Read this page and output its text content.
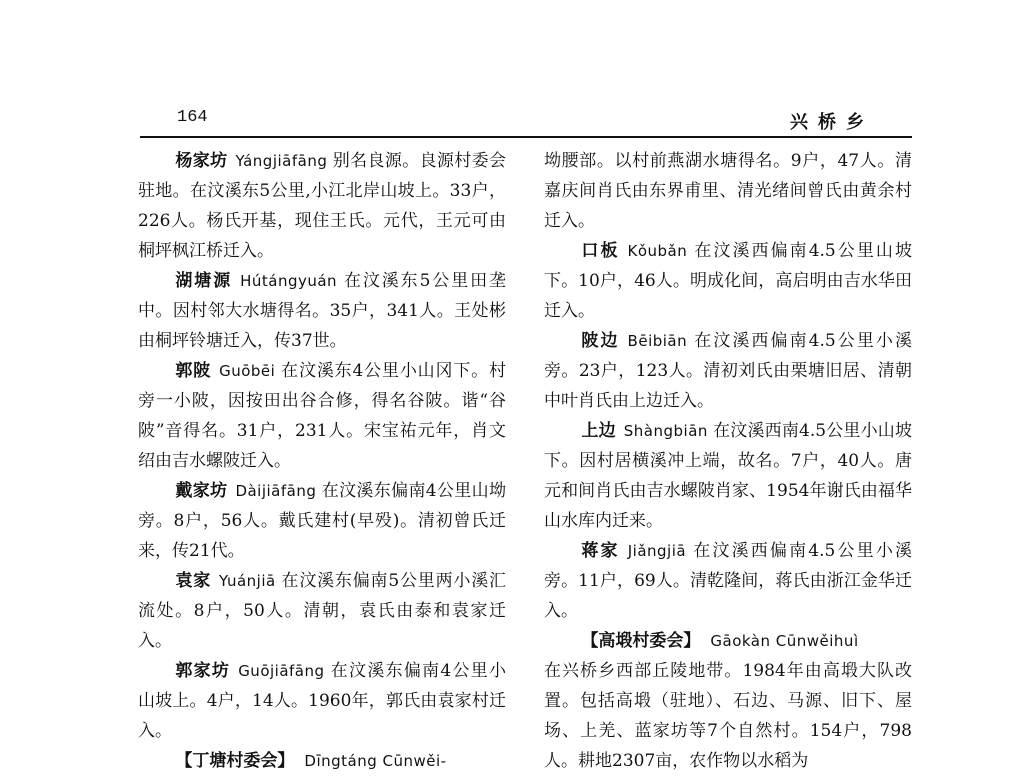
164	兴桥乡

杨家坊 Yángjiāfāng 别名良源。良源村委会驻地。在汶溪东5公里,小江北岸山坡上。33户，226人。杨氏开基，现住王氏。元代，王元可由桐坪枫江桥迁入。

湖塘源 Hútángyuán 在汶溪东5公里田垄中。因村邻大水塘得名。35户，341人。王处彬由桐坪铃塘迁入，传37世。

郭陂 Guōbēi 在汶溪东4公里小山冈下。村旁一小陂，因按田出谷合修，得名谷陂。谐“谷陂”音得名。31户，231人。宋宝祐元年，肖文绍由吉水螺陂迁入。

戴家坊 Dàijiāfāng 在汶溪东偏南4公里山坳旁。8户，56人。戴氏建村(早殁)。清初曾氏迁来，传21代。

袁家 Yuánjiā 在汶溪东偏南5公里两小溪汇流处。8户，50人。清朝，袁氏由泰和袁家迁入。

郭家坊 Guōjiāfāng 在汶溪东偏南4公里小山坡上。4户，14人。1960年，郭氏由袁家村迁入。

【丁塘村委会】 Dīngtáng Cūnwěi-

坳腰部。以村前燕湖水塘得名。9户，47人。清嘉庆间肖氏由东界甫里、清光绪间曾氏由黄余村迁入。

口板 Kǒubǎn 在汶溪西偏南4.5公里山坡下。10户，46人。明成化间，高启明由吉水华田迁入。

陂边 Bēibiān 在汶溪西偏南4.5公里小溪旁。23户，123人。清初刘氏由栗塘旧居、清朝中叶肖氏由上边迁入。

上边 Shàngbiān 在汶溪西南4.5公里小山坡下。因村居横溪冲上端，故名。7户，40人。唐元和间肖氏由吉水螺陂肖家、1954年谢氏由福华山水库内迁来。

蒋家 Jiǎngjiā 在汶溪西偏南4.5公里小溪旁。11户，69人。清乾隆间，蒋氏由浙江金华迁入。

【高塅村委会】 Gāokàn Cūnwěihuì

在兴桥乡西部丘陵地带。1984年由高塅大队改置。包括高塅（驻地）、石边、马源、旧下、屋场、上羌、蓝家坊等7个自然村。154户，798人。耕地2307亩，农作物以水稻为
